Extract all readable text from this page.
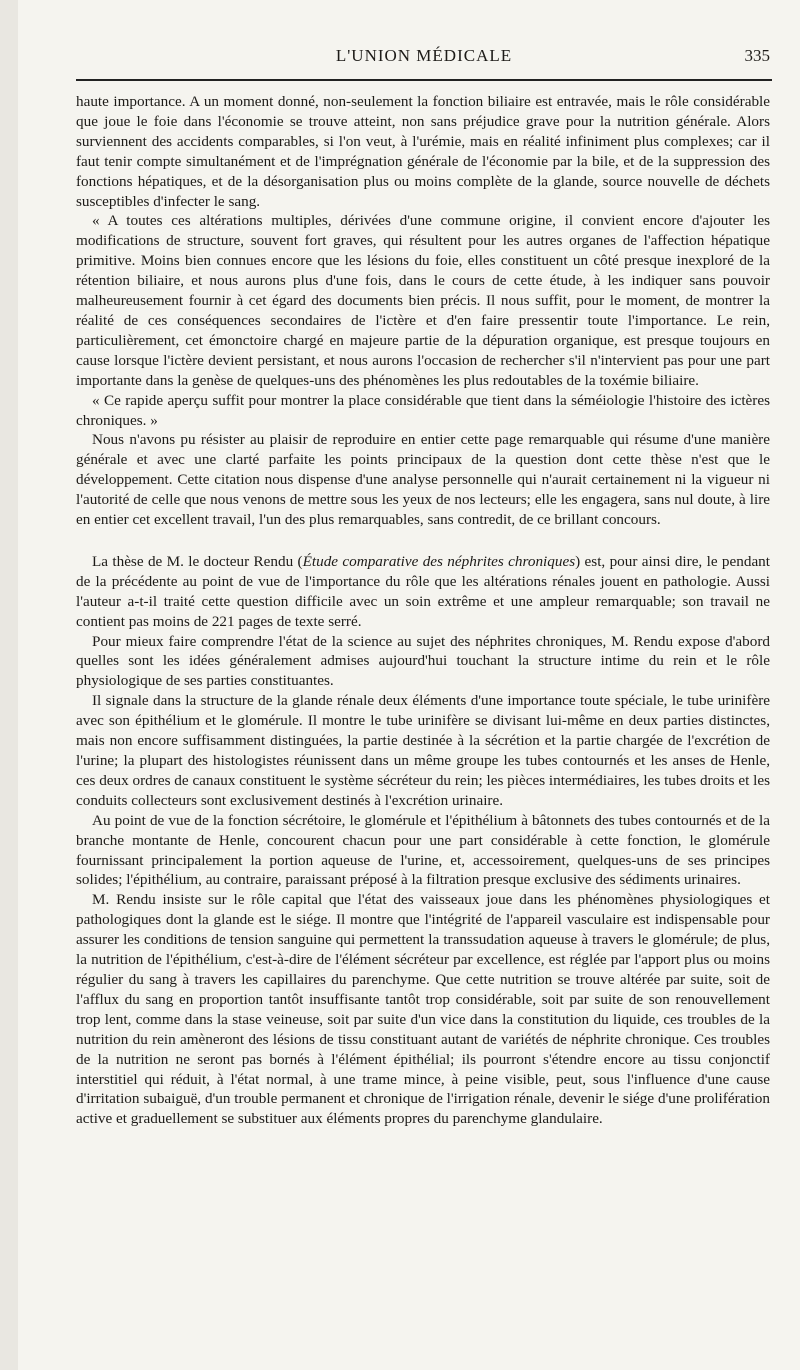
L'UNION MÉDICALE	335

haute importance. A un moment donné, non-seulement la fonction biliaire est entravée, mais le rôle considérable que joue le foie dans l'économie se trouve atteint, non sans préjudice grave pour la nutrition générale. Alors surviennent des accidents comparables, si l'on veut, à l'urémie, mais en réalité infiniment plus complexes; car il faut tenir compte simultanément et de l'imprégnation générale de l'économie par la bile, et de la suppression des fonctions hépatiques, et de la désorganisation plus ou moins complète de la glande, source nouvelle de déchets susceptibles d'infecter le sang.

« A toutes ces altérations multiples, dérivées d'une commune origine, il convient encore d'ajouter les modifications de structure, souvent fort graves, qui résultent pour les autres organes de l'affection hépatique primitive. Moins bien connues encore que les lésions du foie, elles constituent un côté presque inexploré de la rétention biliaire, et nous aurons plus d'une fois, dans le cours de cette étude, à les indiquer sans pouvoir malheureusement fournir à cet égard des documents bien précis. Il nous suffit, pour le moment, de montrer la réalité de ces conséquences secondaires de l'ictère et d'en faire pressentir toute l'importance. Le rein, particulièrement, cet émonctoire chargé en majeure partie de la dépuration organique, est presque toujours en cause lorsque l'ictère devient persistant, et nous aurons l'occasion de rechercher s'il n'intervient pas pour une part importante dans la genèse de quelques-uns des phénomènes les plus redoutables de la toxémie biliaire.

« Ce rapide aperçu suffit pour montrer la place considérable que tient dans la séméiologie l'histoire des ictères chroniques. »

Nous n'avons pu résister au plaisir de reproduire en entier cette page remarquable qui résume d'une manière générale et avec une clarté parfaite les points principaux de la question dont cette thèse n'est que le développement. Cette citation nous dispense d'une analyse personnelle qui n'aurait certainement ni la vigueur ni l'autorité de celle que nous venons de mettre sous les yeux de nos lecteurs; elle les engagera, sans nul doute, à lire en entier cet excellent travail, l'un des plus remarquables, sans contredit, de ce brillant concours.

La thèse de M. le docteur Rendu (Étude comparative des néphrites chroniques) est, pour ainsi dire, le pendant de la précédente au point de vue de l'importance du rôle que les altérations rénales jouent en pathologie. Aussi l'auteur a-t-il traité cette question difficile avec un soin extrême et une ampleur remarquable; son travail ne contient pas moins de 221 pages de texte serré.

Pour mieux faire comprendre l'état de la science au sujet des néphrites chroniques, M. Rendu expose d'abord quelles sont les idées généralement admises aujourd'hui touchant la structure intime du rein et le rôle physiologique de ses parties constituantes.

Il signale dans la structure de la glande rénale deux éléments d'une importance toute spéciale, le tube urinifère avec son épithélium et le glomérule. Il montre le tube urinifère se divisant lui-même en deux parties distinctes, mais non encore suffisamment distinguées, la partie destinée à la sécrétion et la partie chargée de l'excrétion de l'urine; la plupart des histologistes réunissent dans un même groupe les tubes contournés et les anses de Henle, ces deux ordres de canaux constituent le système sécréteur du rein; les pièces intermédiaires, les tubes droits et les conduits collecteurs sont exclusivement destinés à l'excrétion urinaire.

Au point de vue de la fonction sécrétoire, le glomérule et l'épithélium à bâtonnets des tubes contournés et de la branche montante de Henle, concourent chacun pour une part considérable à cette fonction, le glomérule fournissant principalement la portion aqueuse de l'urine, et, accessoirement, quelques-uns de ses principes solides; l'épithélium, au contraire, paraissant préposé à la filtration presque exclusive des sédiments urinaires.

M. Rendu insiste sur le rôle capital que l'état des vaisseaux joue dans les phénomènes physiologiques et pathologiques dont la glande est le siége. Il montre que l'intégrité de l'appareil vasculaire est indispensable pour assurer les conditions de tension sanguine qui permettent la transsudation aqueuse à travers le glomérule; de plus, la nutrition de l'épithélium, c'est-à-dire de l'élément sécréteur par excellence, est réglée par l'apport plus ou moins régulier du sang à travers les capillaires du parenchyme. Que cette nutrition se trouve altérée par suite, soit de l'afflux du sang en proportion tantôt insuffisante tantôt trop considérable, soit par suite de son renouvellement trop lent, comme dans la stase veineuse, soit par suite d'un vice dans la constitution du liquide, ces troubles de la nutrition du rein amèneront des lésions de tissu constituant autant de variétés de néphrite chronique. Ces troubles de la nutrition ne seront pas bornés à l'élément épithélial; ils pourront s'étendre encore au tissu conjonctif interstitiel qui réduit, à l'état normal, à une trame mince, à peine visible, peut, sous l'influence d'une cause d'irritation subaiguë, d'un trouble permanent et chronique de l'irrigation rénale, devenir le siége d'une prolifération active et graduellement se substituer aux éléments propres du parenchyme glandulaire.
